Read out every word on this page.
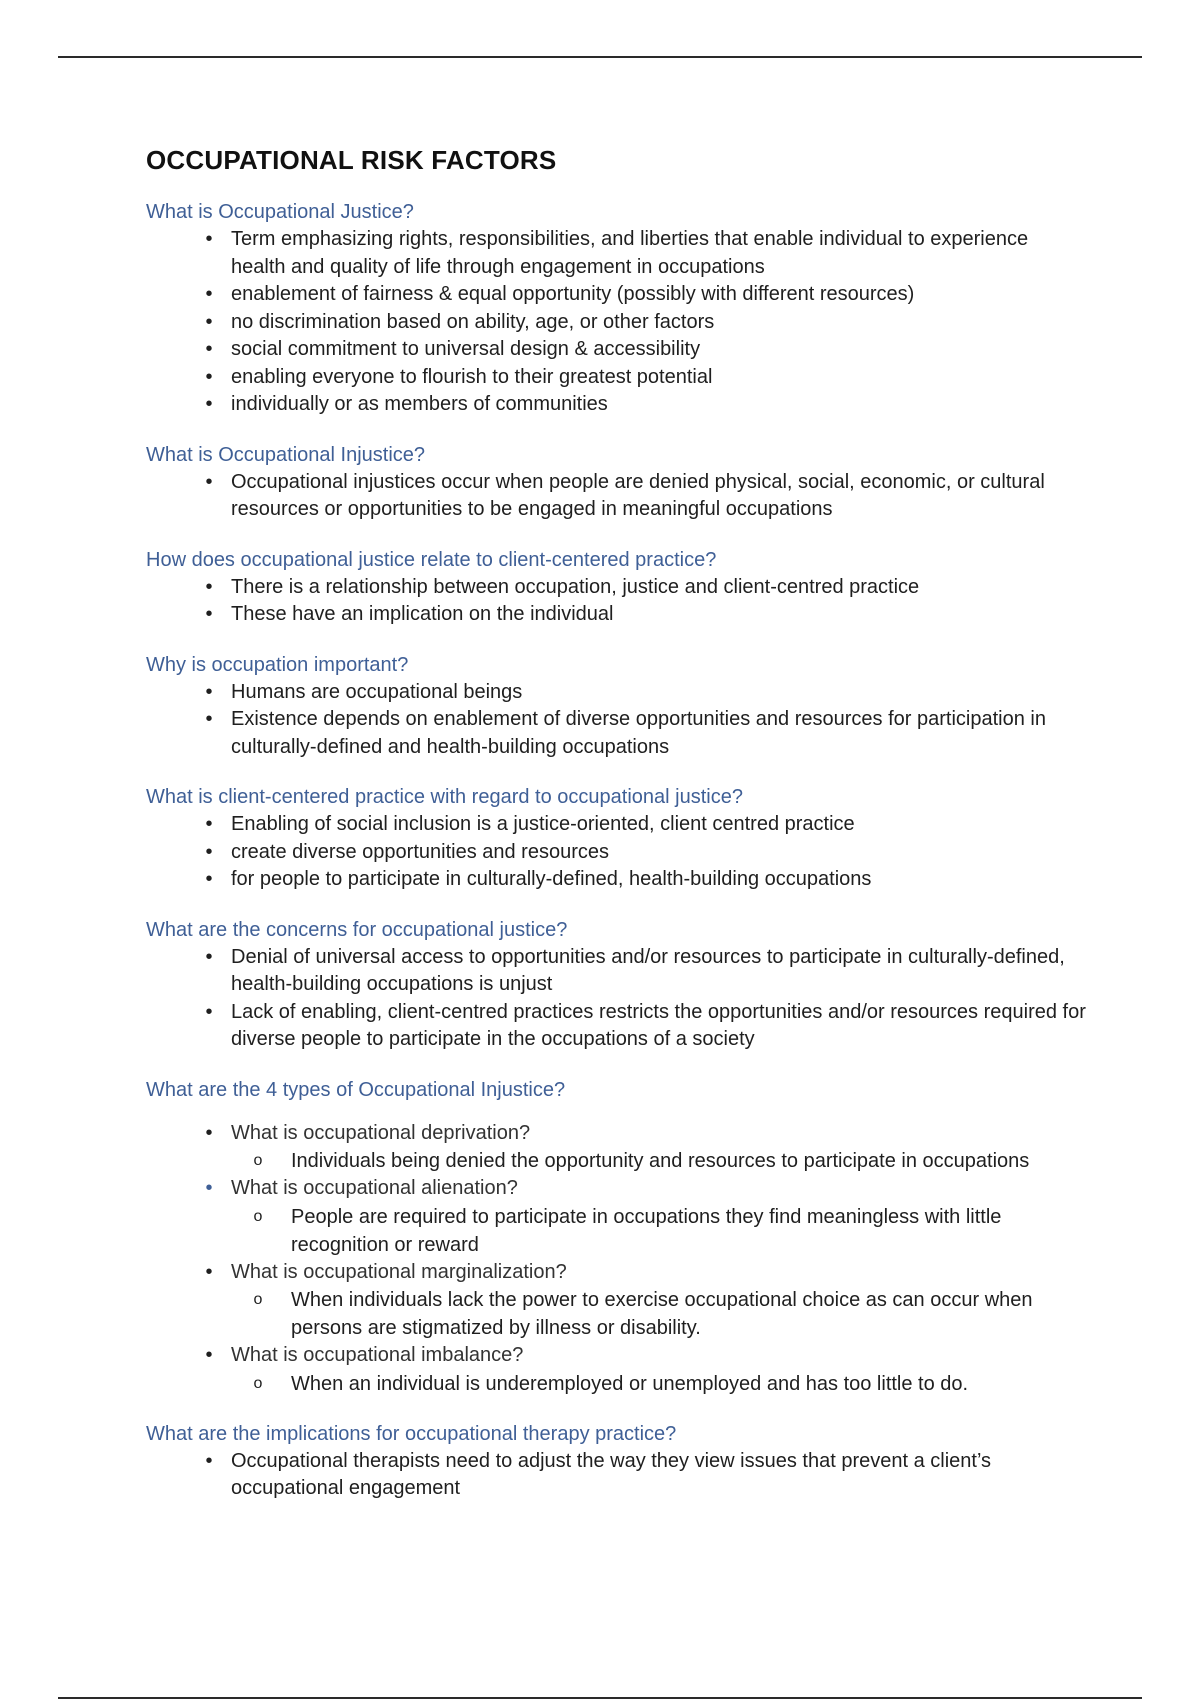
OCCUPATIONAL RISK FACTORS

What is Occupational Justice?

• Term emphasizing rights, responsibilities, and liberties that enable individual to experience health and quality of life through engagement in occupations
• enablement of fairness & equal opportunity (possibly with different resources)
• no discrimination based on ability, age, or other factors
• social commitment to universal design & accessibility
• enabling everyone to flourish to their greatest potential
• individually or as members of communities

What is Occupational Injustice?

• Occupational injustices occur when people are denied physical, social, economic, or cultural resources or opportunities to be engaged in meaningful occupations

How does occupational justice relate to client-centered practice?

• There is a relationship between occupation, justice and client-centred practice
• These have an implication on the individual

Why is occupation important?

• Humans are occupational beings
• Existence depends on enablement of diverse opportunities and resources for participation in culturally-defined and health-building occupations

What is client-centered practice with regard to occupational justice?

• Enabling of social inclusion is a justice-oriented, client centred practice
• create diverse opportunities and resources
• for people to participate in culturally-defined, health-building occupations

What are the concerns for occupational justice?

• Denial of universal access to opportunities and/or resources to participate in culturally-defined, health-building occupations is unjust
• Lack of enabling, client-centred practices restricts the opportunities and/or resources required for diverse people to participate in the occupations of a society

What are the 4 types of Occupational Injustice?

• What is occupational deprivation?
o Individuals being denied the opportunity and resources to participate in occupations
• What is occupational alienation?
o People are required to participate in occupations they find meaningless with little recognition or reward
• What is occupational marginalization?
o When individuals lack the power to exercise occupational choice as can occur when persons are stigmatized by illness or disability.
• What is occupational imbalance?
o When an individual is underemployed or unemployed and has too little to do.

What are the implications for occupational therapy practice?

• Occupational therapists need to adjust the way they view issues that prevent a client’s occupational engagement
